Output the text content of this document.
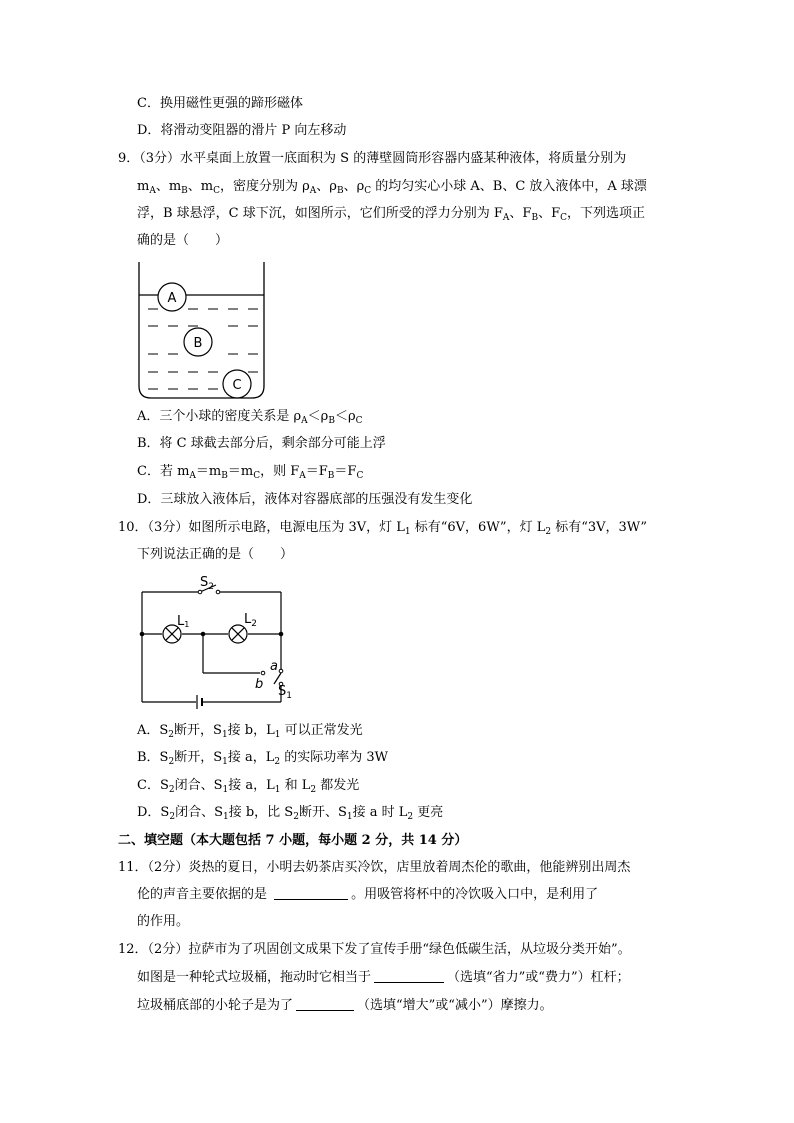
C．换用磁性更强的蹄形磁体
D．将滑动变阻器的滑片 P 向左移动
9．（3分）水平桌面上放置一底面积为 S 的薄壁圆筒形容器内盛某种液体，将质量分别为
$m_A$、$m_B$、$m_C$，密度分别为 $\rho_A$、$\rho_B$、$\rho_C$ 的均匀实心小球 A、B、C 放入液体中，A 球漂
浮，B 球悬浮，C 球下沉，如图所示，它们所受的浮力分别为 $F_A$、$F_B$、$F_C$，下列选项正
确的是（　　）
A
B
C
A．三个小球的密度关系是 $\rho_A<\rho_B<\rho_C$
B．将 C 球截去部分后，剩余部分可能上浮
C．若 $m_A=m_B=m_C$，则 $F_A=F_B=F_C$
D．三球放入液体后，液体对容器底部的压强没有发生变化
10．（3分）如图所示电路，电源电压为 3V，灯 $L_1$ 标有“6V，6W”，灯 $L_2$ 标有“3V，3W”
下列说法正确的是（　　）
$S_2$
L1	$L_2$
a
b $S_1$
A．$S_2$断开，$S_1$接 b，$L_1$ 可以正常发光
B．$S_2$断开，$S_1$接 a，$L_2$ 的实际功率为 3W
C．$S_2$闭合、$S_1$接 a，$L_1$ 和 $L_2$ 都发光
D．$S_2$闭合、$S_1$接 b，比 $S_2$断开、$S_1$接 a 时 $L_2$ 更亮
二、填空题（本大题包括 7 小题，每小题 2 分，共 14 分）
11．（2分）炎热的夏日，小明去奶茶店买冷饮，店里放着周杰伦的歌曲，他能辨别出周杰
伦的声音主要依据的是	。用吸管将杯中的冷饮吸入口中，是利用了
的作用。
12．（2分）拉萨市为了巩固创文成果下发了宣传手册“绿色低碳生活，从垃圾分类开始”。
如图是一种轮式垃圾桶，拖动时它相当于	（选填“省力”或“费力”）杠杆；
垃圾桶底部的小轮子是为了	（选填“增大”或“减小”）摩擦力。
